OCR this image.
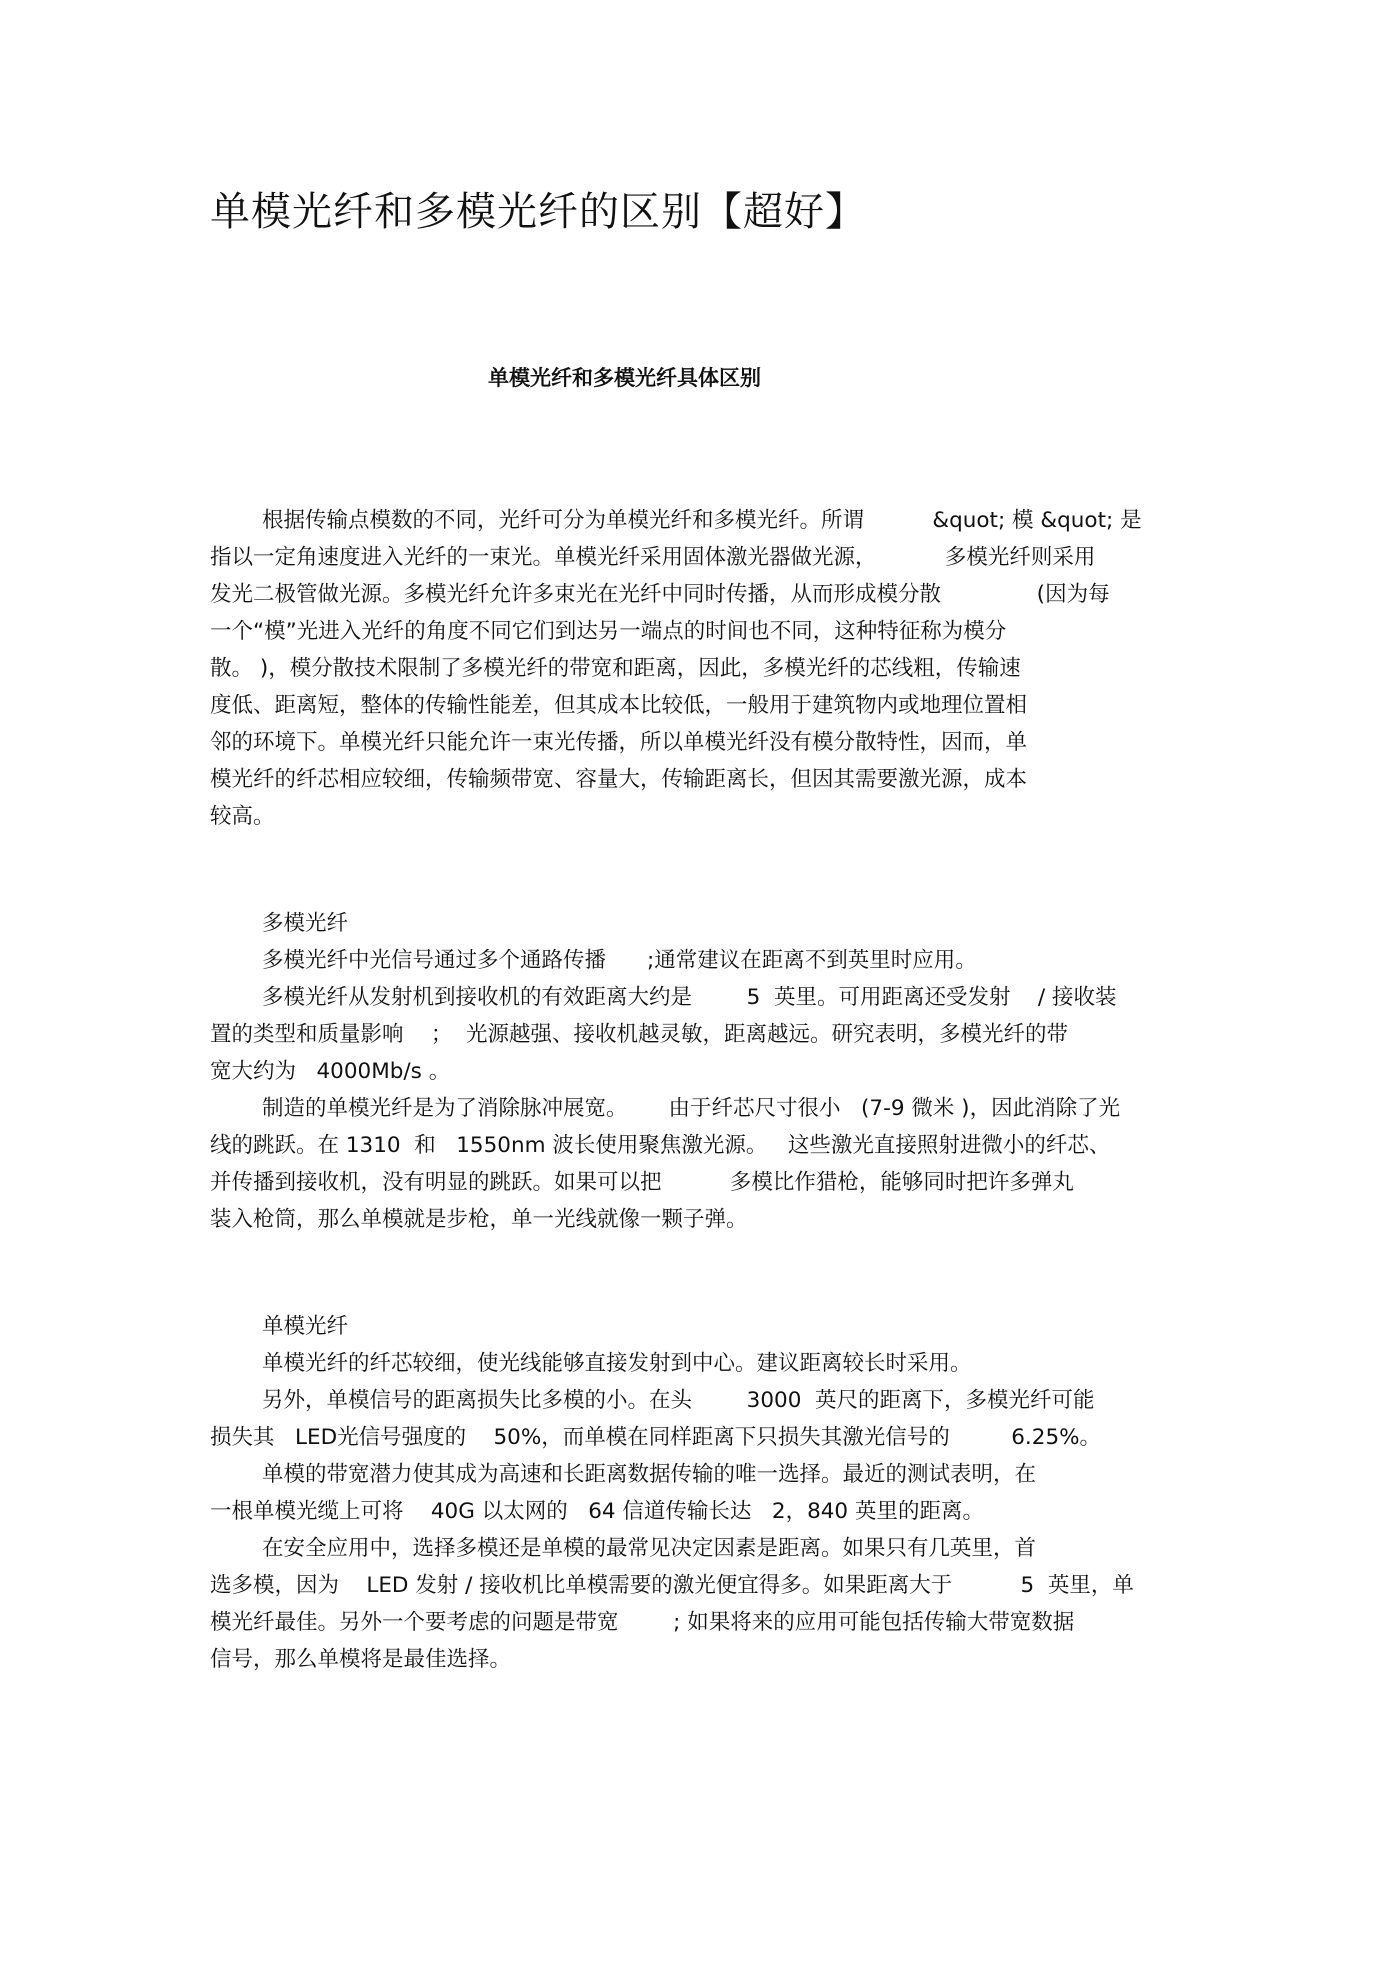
单模光纤和多模光纤的区别【超好】
单模光纤和多模光纤具体区别
根据传输点模数的不同，光纤可分为单模光纤和多模光纤。所谓          &quot; 模 &quot; 是
指以一定角速度进入光纤的一束光。单模光纤采用固体激光器做光源，          多模光纤则采用
发光二极管做光源。多模光纤允许多束光在光纤中同时传播，从而形成模分散              (因为每
一个“模”光进入光纤的角度不同它们到达另一端点的时间也不同，这种特征称为模分
散。 )，模分散技术限制了多模光纤的带宽和距离，因此，多模光纤的芯线粗，传输速
度低、距离短，整体的传输性能差，但其成本比较低，一般用于建筑物内或地理位置相
邻的环境下。单模光纤只能允许一束光传播，所以单模光纤没有模分散特性，因而，单
模光纤的纤芯相应较细，传输频带宽、容量大，传输距离长，但因其需要激光源，成本
较高。
多模光纤
多模光纤中光信号通过多个通路传播      ;通常建议在距离不到英里时应用。
多模光纤从发射机到接收机的有效距离大约是        5  英里。可用距离还受发射    / 接收装
置的类型和质量影响    ；  光源越强、接收机越灵敏，距离越远。研究表明，多模光纤的带
宽大约为   4000Mb/s 。
制造的单模光纤是为了消除脉冲展宽。      由于纤芯尺寸很小   (7-9 微米 )，因此消除了光
线的跳跃。在 1310  和   1550nm 波长使用聚焦激光源。   这些激光直接照射进微小的纤芯、
并传播到接收机，没有明显的跳跃。如果可以把          多模比作猎枪，能够同时把许多弹丸
装入枪筒，那么单模就是步枪，单一光线就像一颗子弹。
单模光纤
单模光纤的纤芯较细，使光线能够直接发射到中心。建议距离较长时采用。
另外，单模信号的距离损失比多模的小。在头        3000  英尺的距离下，多模光纤可能
损失其   LED光信号强度的    50%，而单模在同样距离下只损失其激光信号的         6.25%。
单模的带宽潜力使其成为高速和长距离数据传输的唯一选择。最近的测试表明，在
一根单模光缆上可将    40G 以太网的   64 信道传输长达   2，840 英里的距离。
在安全应用中，选择多模还是单模的最常见决定因素是距离。如果只有几英里，首
选多模，因为    LED 发射 / 接收机比单模需要的激光便宜得多。如果距离大于          5  英里，单
模光纤最佳。另外一个要考虑的问题是带宽        ; 如果将来的应用可能包括传输大带宽数据
信号，那么单模将是最佳选择。
